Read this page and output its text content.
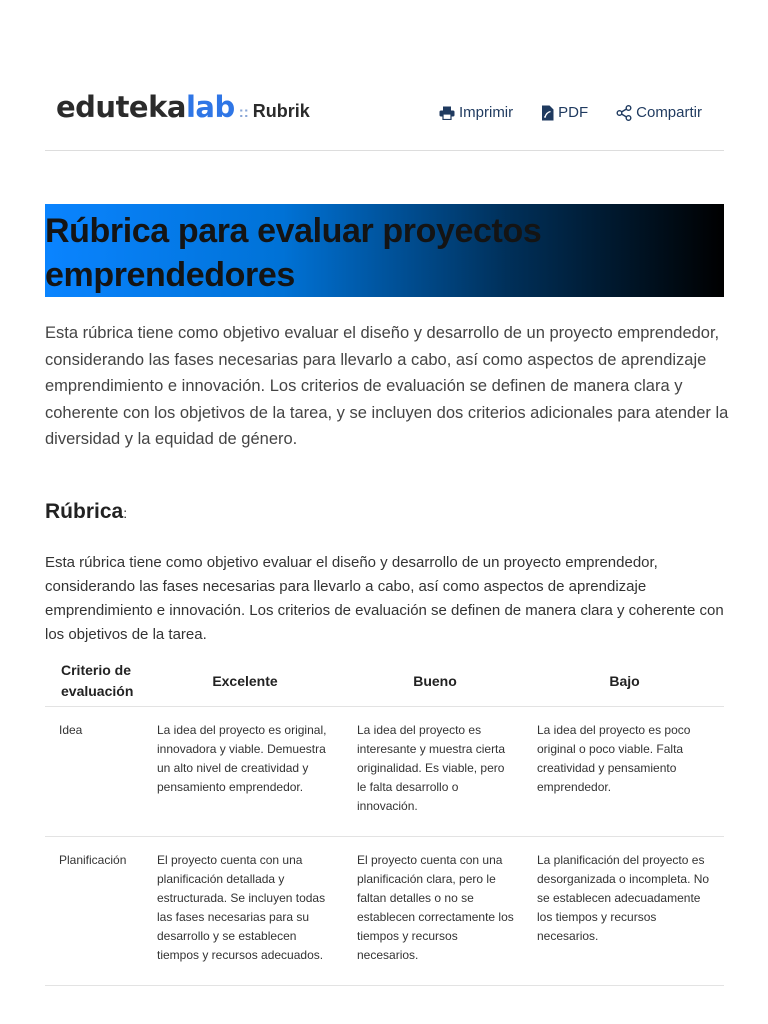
eduteka lab :: Rubrik	Imprimir	PDF	Compartir
Rúbrica para evaluar proyectos emprendedores

Esta rúbrica tiene como objetivo evaluar el diseño y desarrollo de un proyecto emprendedor, considerando las fases necesarias para llevarlo a cabo, así como aspectos de aprendizaje emprendimiento e innovación. Los criterios de evaluación se definen de manera clara y coherente con los objetivos de la tarea, y se incluyen dos criterios adicionales para atender la diversidad y la equidad de género.

Rúbrica:

Esta rúbrica tiene como objetivo evaluar el diseño y desarrollo de un proyecto emprendedor, considerando las fases necesarias para llevarlo a cabo, así como aspectos de aprendizaje emprendimiento e innovación. Los criterios de evaluación se definen de manera clara y coherente con los objetivos de la tarea.

Criterio de evaluación	Excelente	Bueno	Bajo
Idea	La idea del proyecto es original, innovadora y viable. Demuestra un alto nivel de creatividad y pensamiento emprendedor.	La idea del proyecto es interesante y muestra cierta originalidad. Es viable, pero le falta desarrollo o innovación.	La idea del proyecto es poco original o poco viable. Falta creatividad y pensamiento emprendedor.
Planificación	El proyecto cuenta con una planificación detallada y estructurada. Se incluyen todas las fases necesarias para su desarrollo y se establecen tiempos y recursos adecuados.	El proyecto cuenta con una planificación clara, pero le faltan detalles o no se establecen correctamente los tiempos y recursos necesarios.	La planificación del proyecto es desorganizada o incompleta. No se establecen adecuadamente los tiempos y recursos necesarios.
